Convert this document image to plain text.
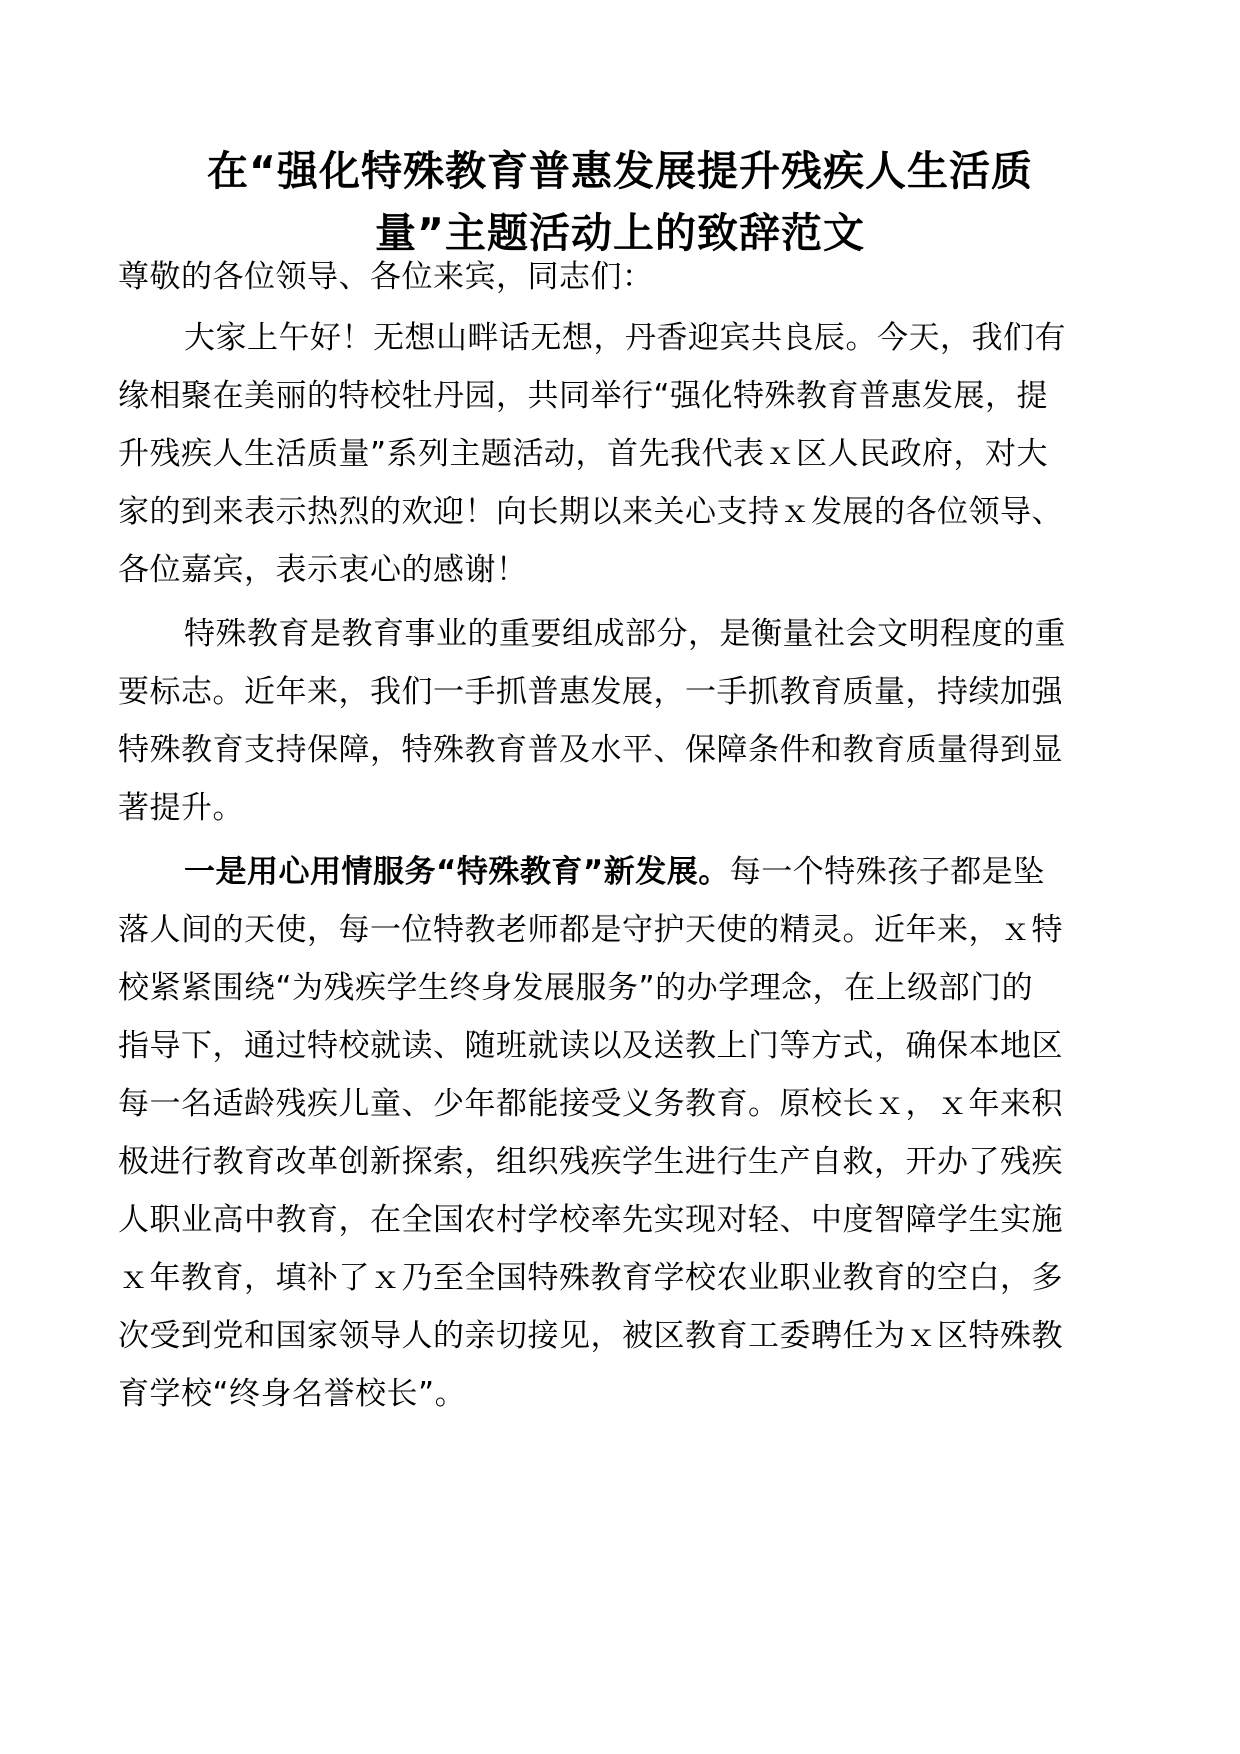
在“强化特殊教育普惠发展提升残疾人生活质
量”主题活动上的致辞范文

尊敬的各位领导、各位来宾，同志们：

大家上午好！无想山畔话无想，丹香迎宾共良辰。今天，我们有
缘相聚在美丽的特校牡丹园，共同举行“强化特殊教育普惠发展，提
升残疾人生活质量”系列主题活动，首先我代表ｘ区人民政府，对大
家的到来表示热烈的欢迎！向长期以来关心支持ｘ发展的各位领导、
各位嘉宾，表示衷心的感谢！

特殊教育是教育事业的重要组成部分，是衡量社会文明程度的重
要标志。近年来，我们一手抓普惠发展，一手抓教育质量，持续加强
特殊教育支持保障，特殊教育普及水平、保障条件和教育质量得到显
著提升。

一是用心用情服务“特殊教育”新发展。每一个特殊孩子都是坠
落人间的天使，每一位特教老师都是守护天使的精灵。近年来，ｘ特
校紧紧围绕“为残疾学生终身发展服务”的办学理念，在上级部门的
指导下，通过特校就读、随班就读以及送教上门等方式，确保本地区
每一名适龄残疾儿童、少年都能接受义务教育。原校长ｘ，ｘ年来积
极进行教育改革创新探索，组织残疾学生进行生产自救，开办了残疾
人职业高中教育，在全国农村学校率先实现对轻、中度智障学生实施
ｘ年教育，填补了ｘ乃至全国特殊教育学校农业职业教育的空白，多
次受到党和国家领导人的亲切接见，被区教育工委聘任为ｘ区特殊教
育学校“终身名誉校长”。
